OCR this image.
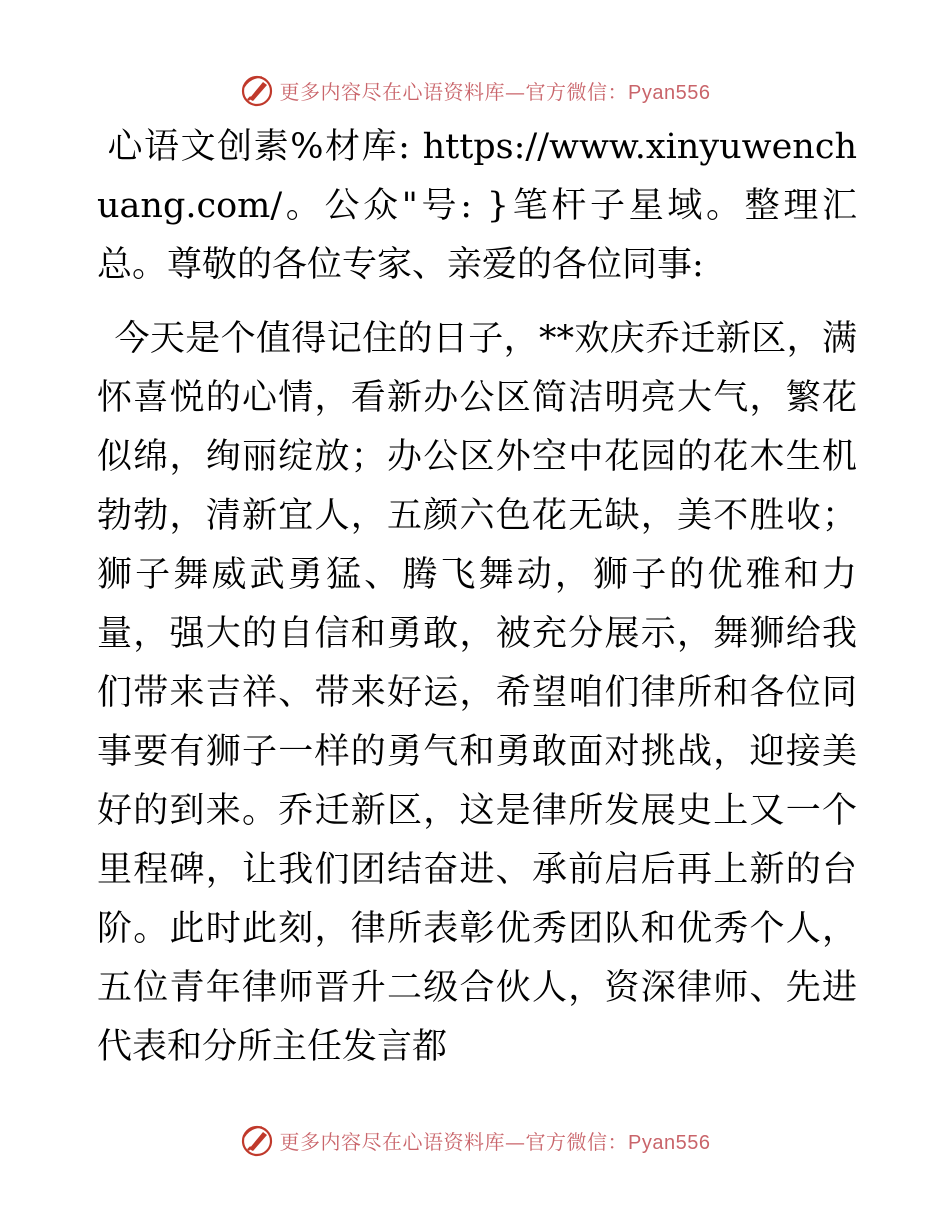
更多内容尽在心语资料库—官方微信：Pyan556

心语文创素%材库: https://www.xinyuwenchuang.com/。公众"号: }笔杆子星域。整理汇总。尊敬的各位专家、亲爱的各位同事:

今天是个值得记住的日子，**欢庆乔迁新区，满怀喜悦的心情，看新办公区简洁明亮大气，繁花似绵，绚丽绽放；办公区外空中花园的花木生机勃勃，清新宜人，五颜六色花无缺，美不胜收；狮子舞威武勇猛、腾飞舞动，狮子的优雅和力量，强大的自信和勇敢，被充分展示，舞狮给我们带来吉祥、带来好运，希望咱们律所和各位同事要有狮子一样的勇气和勇敢面对挑战，迎接美好的到来。乔迁新区，这是律所发展史上又一个里程碑，让我们团结奋进、承前启后再上新的台阶。此时此刻，律所表彰优秀团队和优秀个人，五位青年律师晋升二级合伙人，资深律师、先进代表和分所主任发言都

更多内容尽在心语资料库—官方微信：Pyan556
